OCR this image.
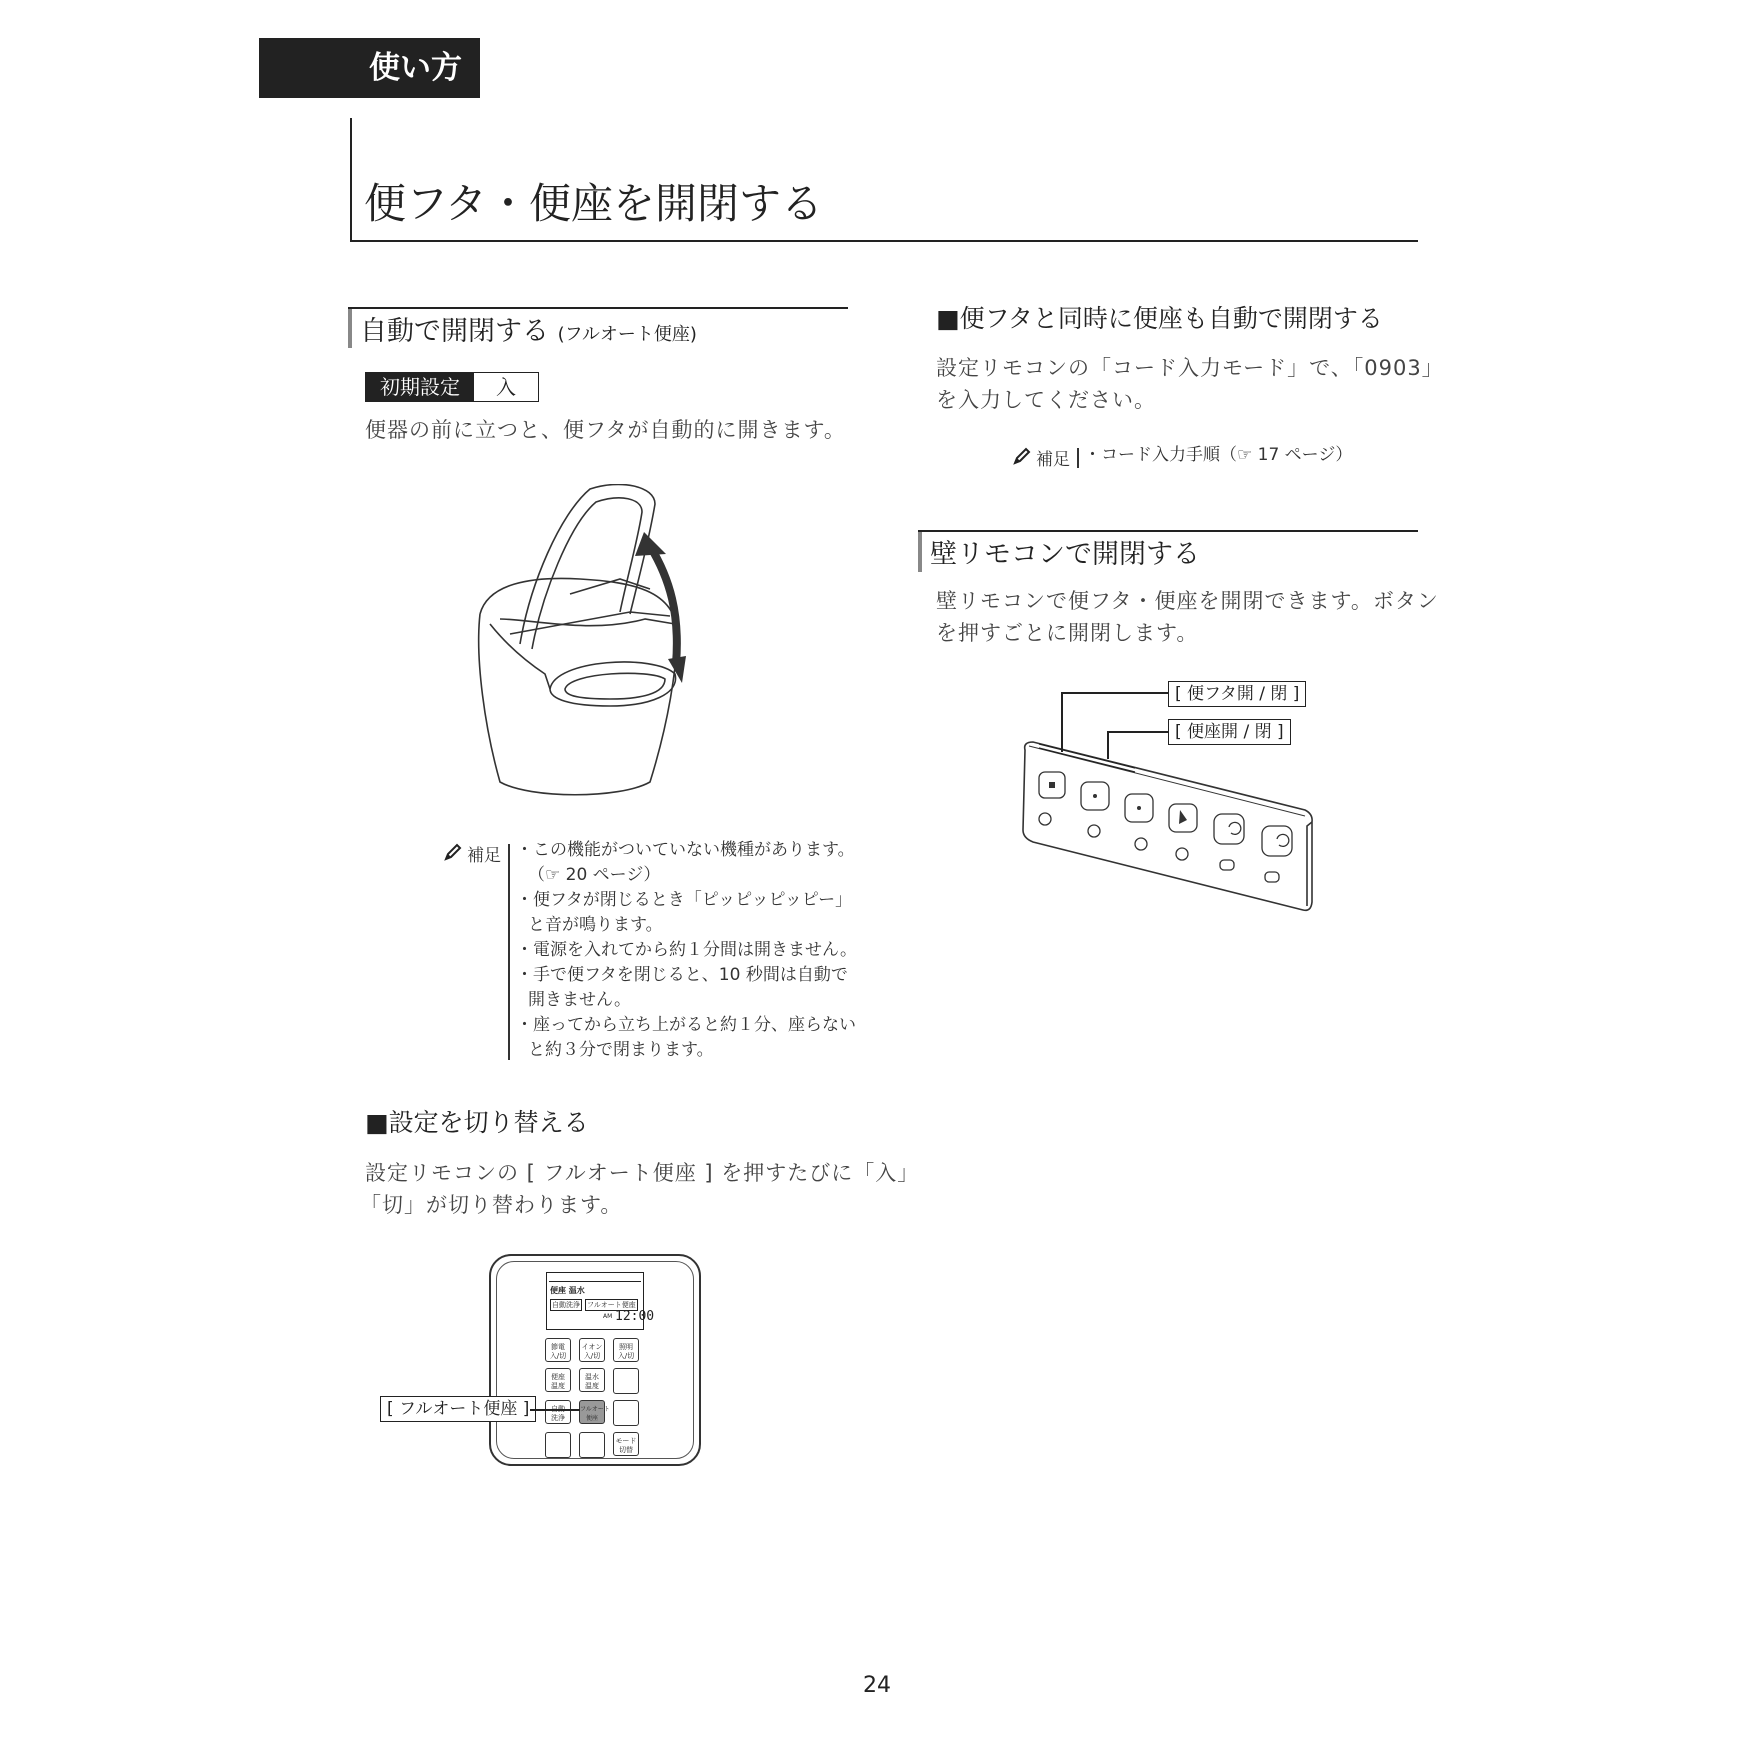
使い方
便フタ・便座を開閉する
自動で開閉する (フルオート便座)
初期設定	入
便器の前に立つと、便フタが自動的に開きます。
補足 ・この機能がついていない機種があります。
（☞ 20 ページ）
・便フタが閉じるとき「ピッピッピッピー」
と音が鳴ります。
・電源を入れてから約１分間は開きません。
・手で便フタを閉じると、10 秒間は自動で
開きません。
・座ってから立ち上がると約１分、座らない
と約３分で閉まります。
■設定を切り替える
設定リモコンの [ フルオート便座 ] を押すたびに「入」
「切」が切り替わります。
便座 温水
自動洗浄 フルオート便座
AM 12:00
節電
入/切
イオン
入/切
照明
入/切
便座
温度
温水
温度

洗浄
フルオート
便座
モード
切替
[ フルオート便座 ]
■便フタと同時に便座も自動で開閉する
設定リモコンの「コード入力モード」で、「0903」
を入力してください。
補足 ・コード入力手順（☞ 17 ページ）
壁リモコンで開閉する
壁リモコンで便フタ・便座を開閉できます。ボタン
を押すごとに開閉します。
[ 便フタ開 / 閉 ]
[ 便座開 / 閉 ]
24
